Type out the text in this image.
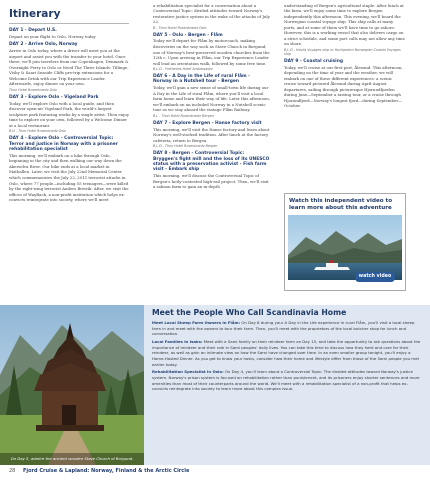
Itinerary
DAY 1 - Depart U.S.
Depart on your flight to Oslo, Norway today
DAY 2 - Arrive Oslo, Norway
Arrive in Oslo today, where a driver will meet you at the airport and assist you with the transfer to your hotel. Once there, we'll join travelers from our Copenhagen, Denmark & Overnight Ferry to Oslo or Need The Three Islands: Tillinge, Visby & Saari Seaside Cliffs pre-trip extensions for a Welcome Drink with our Trip Experience Leader. Afterwards, enjoy dinner on your own.
Thon Hotel Rosenkrantz Oslo
DAY 3 - Explore Oslo - Vigeland Park
Today, we'll explore Oslo with a local guide, and then discover open-air Vigeland Park, the world's largest sculpture park featuring works by a single artist. Then enjoy time to explore on your own, followed by a Welcome Dinner at a local restaurant.
B,D - Thon Hotel Rosenkrantz Oslo
DAY 4 - Explore Oslo - Controversial Topic: Terror and justice in Norway with a prisoner rehabilitation specialist
This morning, we'll embark on a hike through Oslo, beginning in the city and then walking our way down the Akerselva River. Our hike ends at a local market in Mathallen. Later, we visit the July 22nd Memorial Center which commemorates the July 22, 2011 terrorist attacks in Oslo, where 77 people—including 55 teenagers—were killed by the right-wing terrorist Anders Breivik. After, we visit the offices of WayBack, a non-profit institution which helps ex-convicts reintegrate into society, where we'll meet
a rehabilitation specialist for a conversation about a Controversial Topic: divided attitudes toward Norway's restorative justice system in the wake of the attacks of July 22.
B - Thon Hotel Rosenkrantz Oslo
DAY 5 - Oslo - Bergen - Flåm
Today we'll depart for Flåm by motorcoach, making discoveries on the way such as Stave Church in Borgund, one of Norway's best-preserved wooden churches from the 12th c. Upon arriving in Flåm, our Trip Experience Leader will lead an orientation walk, followed by some free time.
B,L,D - Fretheims Hotel Ambassador
DAY 6 - A Day in the Life of rural Flåm - Norway in a Nutshell tour - Bergen
Today, we'll gain a new sense of small-town life during our A Day in the Life of rural Flåm, where you'll visit a local farm home and learn their way of life. Later this afternoon, we'll embark on an included Norway in a Nutshell scenic tour as we stay aboard the vintage Flåm Railway.
B,L - Thon Hotel Rosenkrantz Bergen
DAY 7 - Explore Bergen - Hanse factory visit
This morning, we'll visit the Hanse factory and learn about Norway's well-stocked tradition. After lunch at the factory cafeteria, return to Bergen.
B,L,D - Thon Hotel Rosenkrantz Bergen
DAY 8 - Bergen - Controversial Topic: Bryggen's fight mill and the loss of its UNESCO status with a preservation activist - Fish farm visit - Embark ship
This morning, we'll discuss the Controversial Topic of Bergen's hotly-contested high-rail project. Then, we'll visit a salmon farm to gain an in-depth
understanding of Bergen's agricultural staple. After lunch at the farm, we'll enjoy some time to explore Bergen independently this afternoon. This evening, we'll board the Norwegian coastal voyage ship. This ship calls at many ports, and at some of them we'll have time to go ashore. However, this is a working vessel that also delivers cargo on a strict schedule, and some port calls may not allow any time on shore.
B,L,D - Havila Voyages ship or Hurtigruten Norwegian Coastal Voyages ship
DAY 9 - Coastal cruising
Today, we'll cruise at our first port, Ålesund. This afternoon, depending on the time of year and the weather, we will embark on one of these different experiences: a scenic cruise toward pictured Ålesund during April-August departures, sailing through picturesque Hjorundfjorden during June—September a tasting tour, or a cruise through Hjorundfjord—Norway's longest fjord—during September—October.
Watch this independent video to learn more about this adventure
watch video
On Day 5, admire the ancient wooden Stave Church of Borgund.
Meet the People Who Call Scandinavia Home
Meet Local Sheep Farm Owners in Flåm: On Day 6 during your A Day in the Life experience in rural Flåm, you'll visit a local sheep farm in and meet with the owners to tour their farm. Then, you'll meet with the proprietors of the local butcher shop for lunch and conversation.
Local Families in Isaks: Meet with a Sami family on their reindeer farm on Day 15, and take the opportunity to ask questions about the importance of reindeer and their role in Sami peoples' daily lives. You can take this time to discuss how they herd and care for their reindeer, as well as gain an intimate view on how the Sami have changed over time. In an even smaller group tonight, you'll enjoy a Home-Hosted Dinner. As you get to know your hosts, consider how their home and lifestyle differ from those of the Sami people you met earlier today.
Rehabilitation Specialist in Oslo: On Day 4, you'll learn about a Controversial Topic: The divided attitudes toward Norway's justice system. Norway's prison system is focused on rehabilitation rather than punishment, and its prisoners enjoy shorter sentences and more amenities than most of their counterparts around the world. We'll meet with a rehabilitation specialist of a non-profit that helps ex-convicts reintegrate into society to learn more about this complex issue.
28 Fjord Cruise & Lapland: Norway, Finland & the Arctic Circle
